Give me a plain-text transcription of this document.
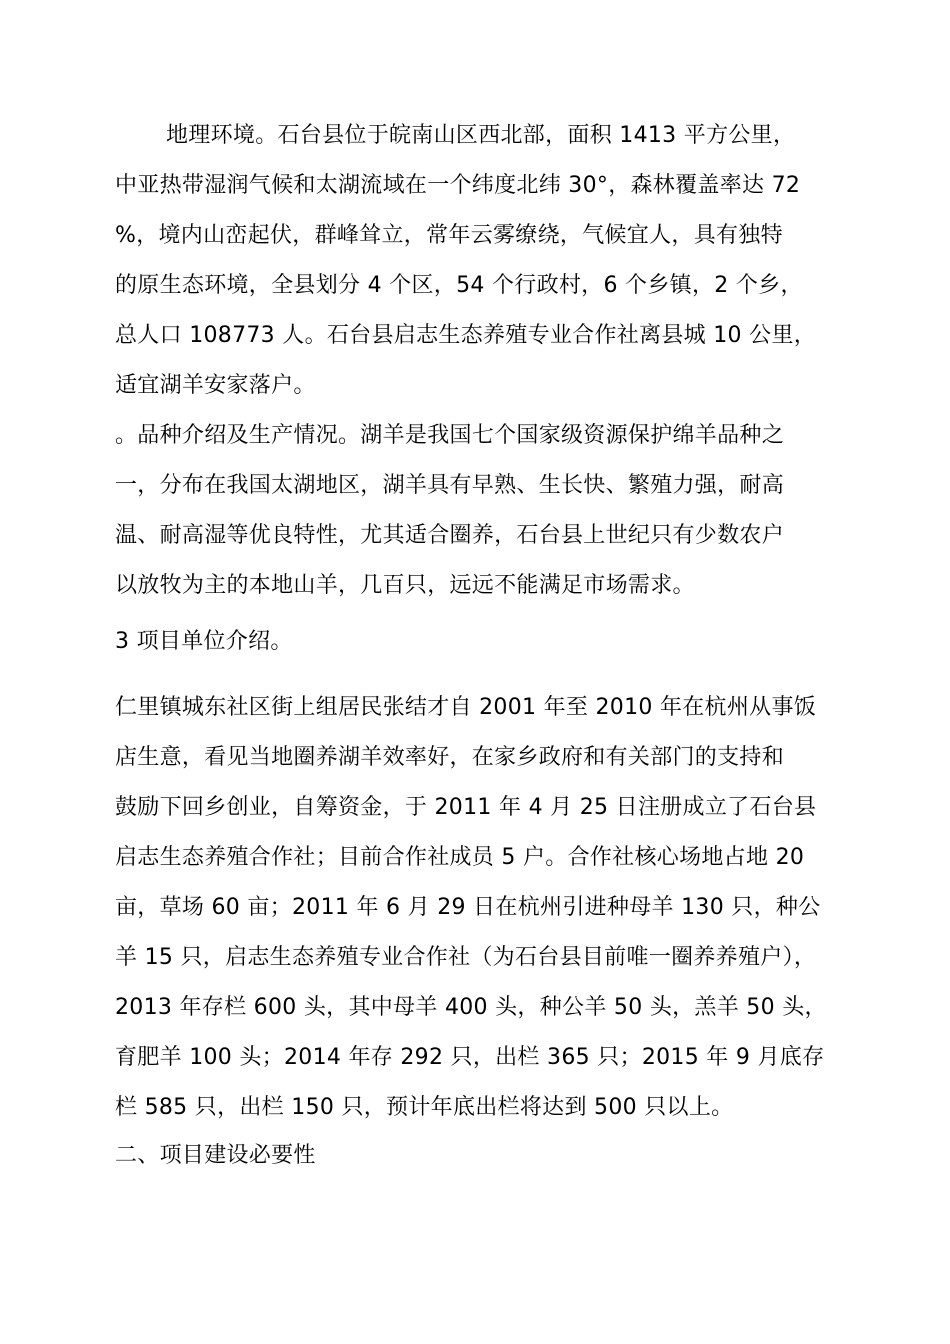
地理环境。石台县位于皖南山区西北部，面积 1413 平方公里，
中亚热带湿润气候和太湖流域在一个纬度北纬 30°，森林覆盖率达 72
%，境内山峦起伏，群峰耸立，常年云雾缭绕，气候宜人，具有独特
的原生态环境，全县划分 4 个区，54 个行政村，6 个乡镇，2 个乡，
总人口 108773 人。石台县启志生态养殖专业合作社离县城 10 公里，
适宜湖羊安家落户。
。品种介绍及生产情况。湖羊是我国七个国家级资源保护绵羊品种之
一，分布在我国太湖地区，湖羊具有早熟、生长快、繁殖力强，耐高
温、耐高湿等优良特性，尤其适合圈养，石台县上世纪只有少数农户
以放牧为主的本地山羊，几百只，远远不能满足市场需求。
3 项目单位介绍。
仁里镇城东社区街上组居民张结才自 2001 年至 2010 年在杭州从事饭
店生意，看见当地圈养湖羊效率好，在家乡政府和有关部门的支持和
鼓励下回乡创业，自筹资金，于 2011 年 4 月 25 日注册成立了石台县
启志生态养殖合作社；目前合作社成员 5 户。合作社核心场地占地 20
亩，草场 60 亩；2011 年 6 月 29 日在杭州引进种母羊 130 只，种公
羊 15 只，启志生态养殖专业合作社（为石台县目前唯一圈养养殖户），
2013 年存栏 600 头，其中母羊 400 头，种公羊 50 头，羔羊 50 头，
育肥羊 100 头；2014 年存 292 只，出栏 365 只；2015 年 9 月底存
栏 585 只，出栏 150 只，预计年底出栏将达到 500 只以上。
二、项目建设必要性
